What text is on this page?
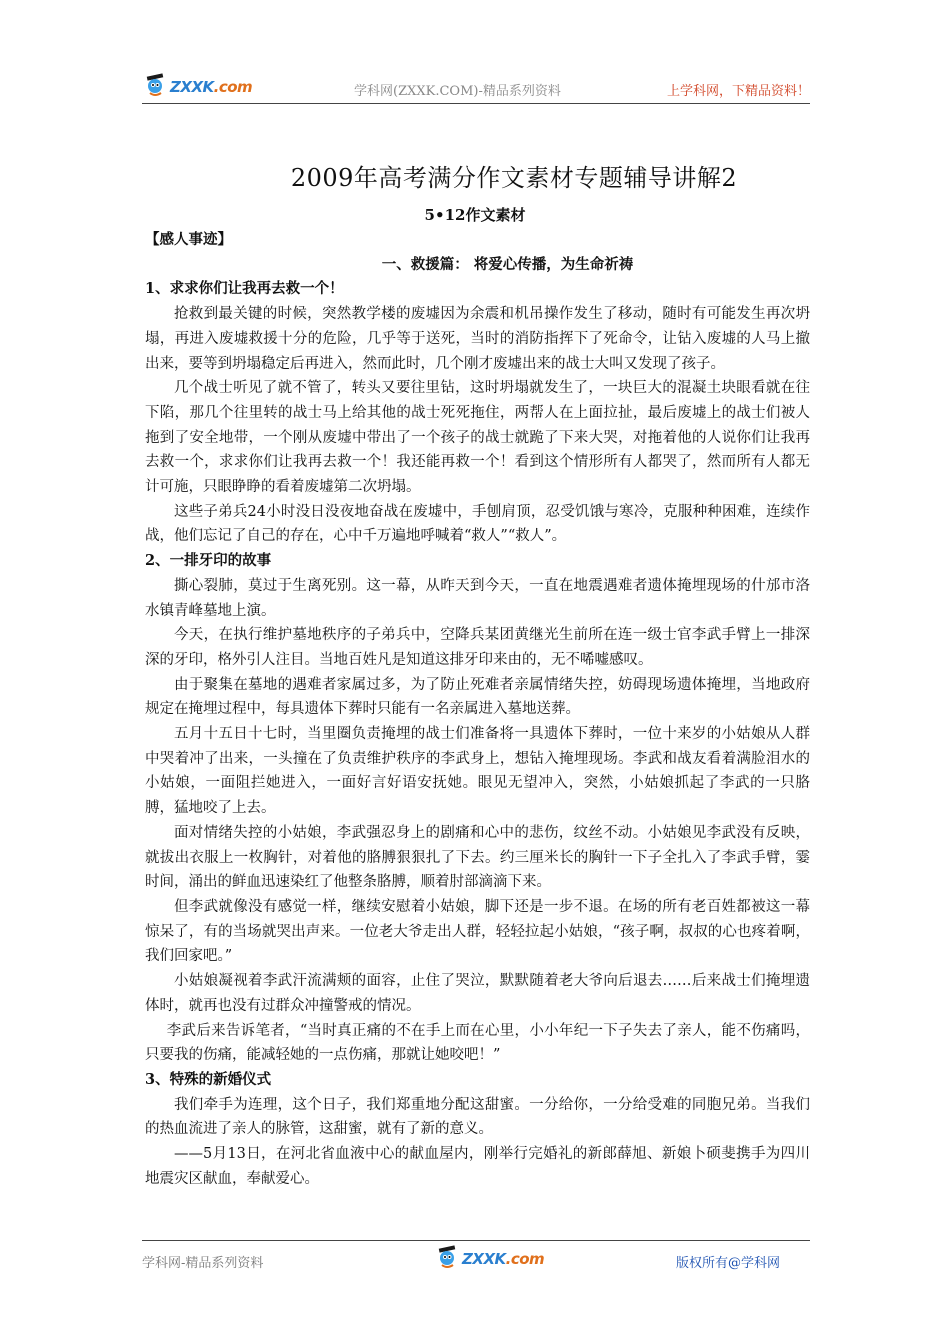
ZXXK.com	学科网(ZXXK.COM)-精品系列资料	上学科网，下精品资料！
2009年高考满分作文素材专题辅导讲解2
5•12作文素材

【感人事迹】

一、救援篇： 将爱心传播，为生命祈祷

1、求求你们让我再去救一个！

抢救到最关键的时候，突然教学楼的废墟因为余震和机吊操作发生了移动，随时有可能发生再次坍塌，再进入废墟救援十分的危险，几乎等于送死，当时的消防指挥下了死命令，让钻入废墟的人马上撤出来，要等到坍塌稳定后再进入，然而此时，几个刚才废墟出来的战士大叫又发现了孩子。

几个战士听见了就不管了，转头又要往里钻，这时坍塌就发生了，一块巨大的混凝土块眼看就在往下陷，那几个往里转的战士马上给其他的战士死死拖住，两帮人在上面拉扯，最后废墟上的战士们被人拖到了安全地带，一个刚从废墟中带出了一个孩子的战士就跪了下来大哭，对拖着他的人说你们让我再去救一个，求求你们让我再去救一个！我还能再救一个！看到这个情形所有人都哭了，然而所有人都无计可施，只眼睁睁的看着废墟第二次坍塌。

这些子弟兵24小时没日没夜地奋战在废墟中，手刨肩顶，忍受饥饿与寒冷，克服种种困难，连续作战，他们忘记了自己的存在，心中千万遍地呼喊着“救人”“救人”。

2、一排牙印的故事

撕心裂肺，莫过于生离死别。这一幕，从昨天到今天，一直在地震遇难者遗体掩埋现场的什邡市洛水镇青峰墓地上演。

今天，在执行维护墓地秩序的子弟兵中，空降兵某团黄继光生前所在连一级士官李武手臂上一排深深的牙印，格外引人注目。当地百姓凡是知道这排牙印来由的，无不唏嘘感叹。

由于聚集在墓地的遇难者家属过多，为了防止死难者亲属情绪失控，妨碍现场遗体掩埋，当地政府规定在掩埋过程中，每具遗体下葬时只能有一名亲属进入墓地送葬。

五月十五日十七时，当里圈负责掩埋的战士们准备将一具遗体下葬时，一位十来岁的小姑娘从人群中哭着冲了出来，一头撞在了负责维护秩序的李武身上，想钻入掩埋现场。李武和战友看着满脸泪水的小姑娘，一面阻拦她进入，一面好言好语安抚她。眼见无望冲入，突然，小姑娘抓起了李武的一只胳膊，猛地咬了上去。

面对情绪失控的小姑娘，李武强忍身上的剧痛和心中的悲伤，纹丝不动。小姑娘见李武没有反映，就拔出衣服上一枚胸针，对着他的胳膊狠狠扎了下去。约三厘米长的胸针一下子全扎入了李武手臂，霎时间，涌出的鲜血迅速染红了他整条胳膊，顺着肘部滴滴下来。

但李武就像没有感觉一样，继续安慰着小姑娘，脚下还是一步不退。在场的所有老百姓都被这一幕惊呆了，有的当场就哭出声来。一位老大爷走出人群，轻轻拉起小姑娘，“孩子啊，叔叔的心也疼着啊，我们回家吧。”

小姑娘凝视着李武汗流满颊的面容，止住了哭泣，默默随着老大爷向后退去……后来战士们掩埋遗体时，就再也没有过群众冲撞警戒的情况。

李武后来告诉笔者，“当时真正痛的不在手上而在心里，小小年纪一下子失去了亲人，能不伤痛吗，只要我的伤痛，能减轻她的一点伤痛，那就让她咬吧！”

3、特殊的新婚仪式

我们牵手为连理，这个日子，我们郑重地分配这甜蜜。一分给你，一分给受难的同胞兄弟。当我们的热血流进了亲人的脉管，这甜蜜，就有了新的意义。

——5月13日，在河北省血液中心的献血屋内，刚举行完婚礼的新郎薛旭、新娘卜硕斐携手为四川地震灾区献血，奉献爱心。

学科网-精品系列资料	ZXXK.com	版权所有@学科网
